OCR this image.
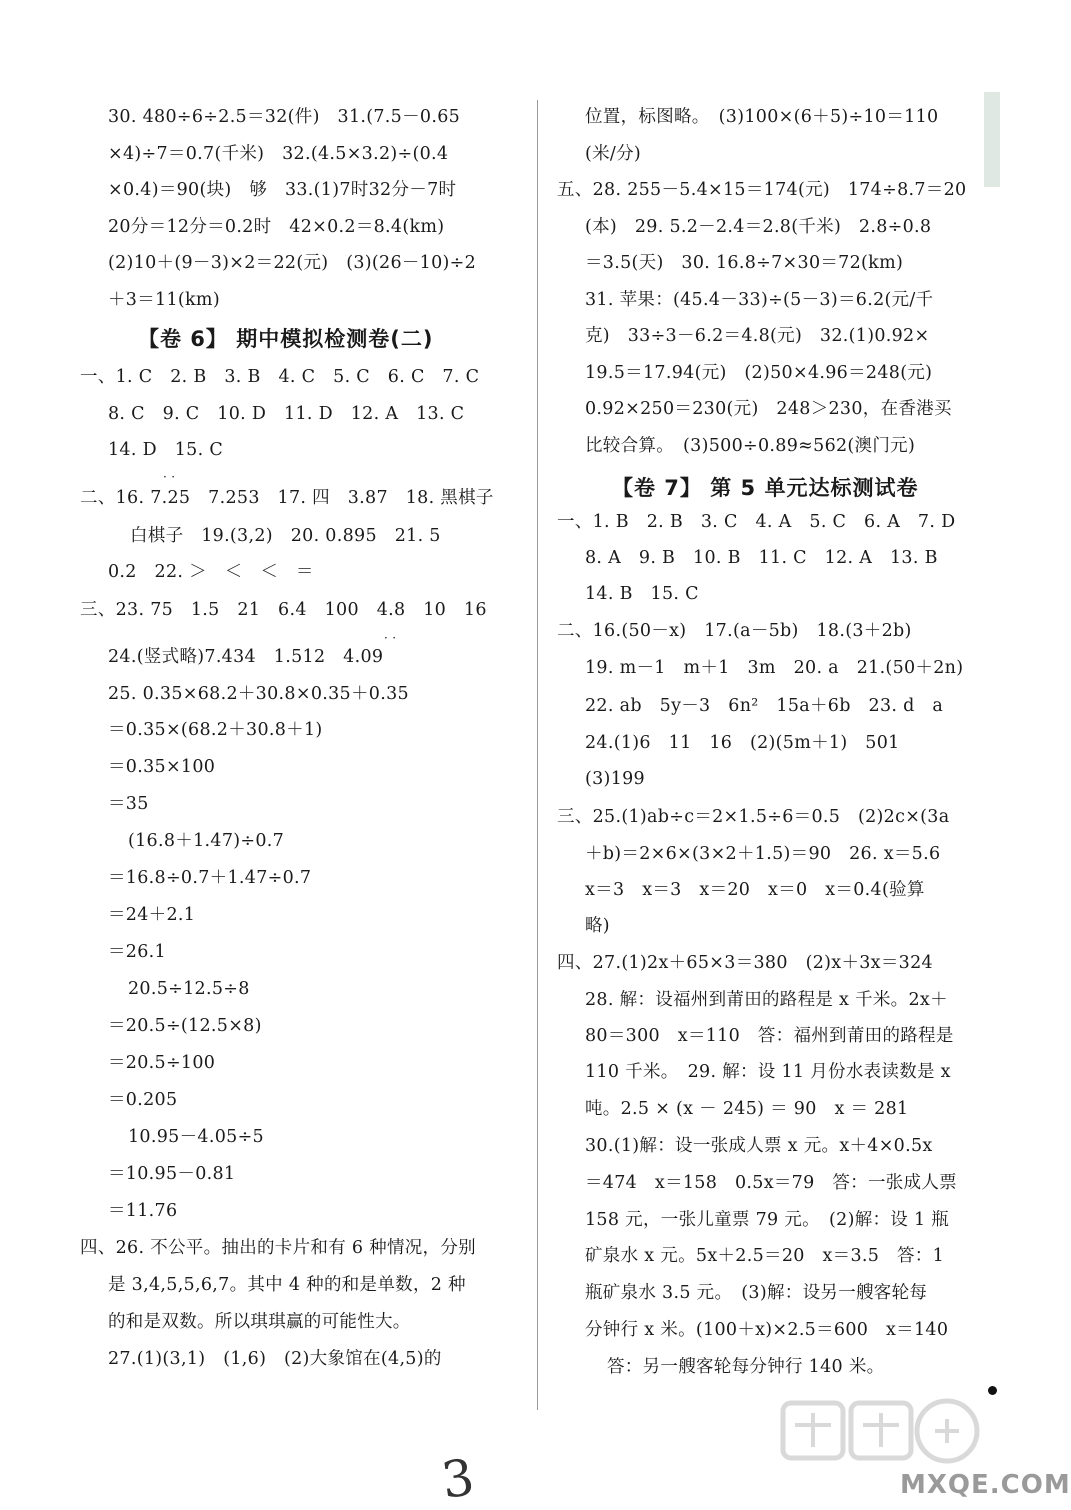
30. 480÷6÷2.5＝32(件)　31.(7.5－0.65
×4)÷7＝0.7(千米)　32.(4.5×3.2)÷(0.4
×0.4)＝90(块)　够　33.(1)7时32分－7时
20分＝12分＝0.2时　42×0.2＝8.4(km)
(2)10＋(9－3)×2＝22(元)　(3)(26－10)÷2
＋3＝11(km)
【卷 6】 期中模拟检测卷(二)
一、1. C　2. B　3. B　4. C　5. C　6. C　7. C
8. C　9. C　10. D　11. D　12. A　13. C
14. D　15. C
· ·
二、16. 7.25　7.253　17. 四　3.87　18. 黑棋子
白棋子　19.(3,2)　20. 0.895　21. 5
0.2　22. ＞　＜　＜　＝
三、23. 75　1.5　21　6.4　100　4.8　10　16
· ·
24.(竖式略)7.434　1.512　4.09
25. 0.35×68.2＋30.8×0.35＋0.35
＝0.35×(68.2＋30.8＋1)
＝0.35×100
＝35
(16.8＋1.47)÷0.7
＝16.8÷0.7＋1.47÷0.7
＝24＋2.1
＝26.1
20.5÷12.5÷8
＝20.5÷(12.5×8)
＝20.5÷100
＝0.205
10.95－4.05÷5
＝10.95－0.81
＝11.76
四、26. 不公平。抽出的卡片和有 6 种情况，分别
是 3,4,5,5,6,7。其中 4 种的和是单数，2 种
的和是双数。所以琪琪赢的可能性大。
27.(1)(3,1)　(1,6)　(2)大象馆在(4,5)的
位置，标图略。　(3)100×(6＋5)÷10＝110
(米/分)
五、28. 255－5.4×15＝174(元)　174÷8.7＝20
(本)　29. 5.2－2.4＝2.8(千米)　2.8÷0.8
＝3.5(天)　30. 16.8÷7×30＝72(km)
31. 苹果：(45.4－33)÷(5－3)＝6.2(元/千
克)　33÷3－6.2＝4.8(元)　32.(1)0.92×
19.5＝17.94(元)　(2)50×4.96＝248(元)
0.92×250＝230(元)　248＞230，在香港买
比较合算。　(3)500÷0.89≈562(澳门元)
【卷 7】 第 5 单元达标测试卷
一、1. B　2. B　3. C　4. A　5. C　6. A　7. D
8. A　9. B　10. B　11. C　12. A　13. B
14. B　15. C
二、16.(50－x)　17.(a－5b)　18.(3＋2b)
19. m－1　m＋1　3m　20. a　21.(50＋2n)
22. ab　5y－3　6n²　15a＋6b　23. d　a
24.(1)6　11　16　(2)(5m＋1)　501
(3)199
三、25.(1)ab÷c＝2×1.5÷6＝0.5　(2)2c×(3a
＋b)＝2×6×(3×2＋1.5)＝90　26. x＝5.6
x＝3　x＝3　x＝20　x＝0　x＝0.4(验算
略)
四、27.(1)2x＋65×3＝380　(2)x＋3x＝324
28. 解：设福州到莆田的路程是 x 千米。2x＋
80＝300　x＝110　答：福州到莆田的路程是
110 千米。　29. 解：设 11 月份水表读数是 x
吨。2.5 × (x － 245) ＝ 90　x ＝ 281
30.(1)解：设一张成人票 x 元。x＋4×0.5x
＝474　x＝158　0.5x＝79　答：一张成人票
158 元，一张儿童票 79 元。　(2)解：设 1 瓶
矿泉水 x 元。5x＋2.5＝20　x＝3.5　答：1
瓶矿泉水 3.5 元。　(3)解：设另一艘客轮每
分钟行 x 米。(100＋x)×2.5＝600　x＝140
答：另一艘客轮每分钟行 140 米。
3	MXQE.COM
